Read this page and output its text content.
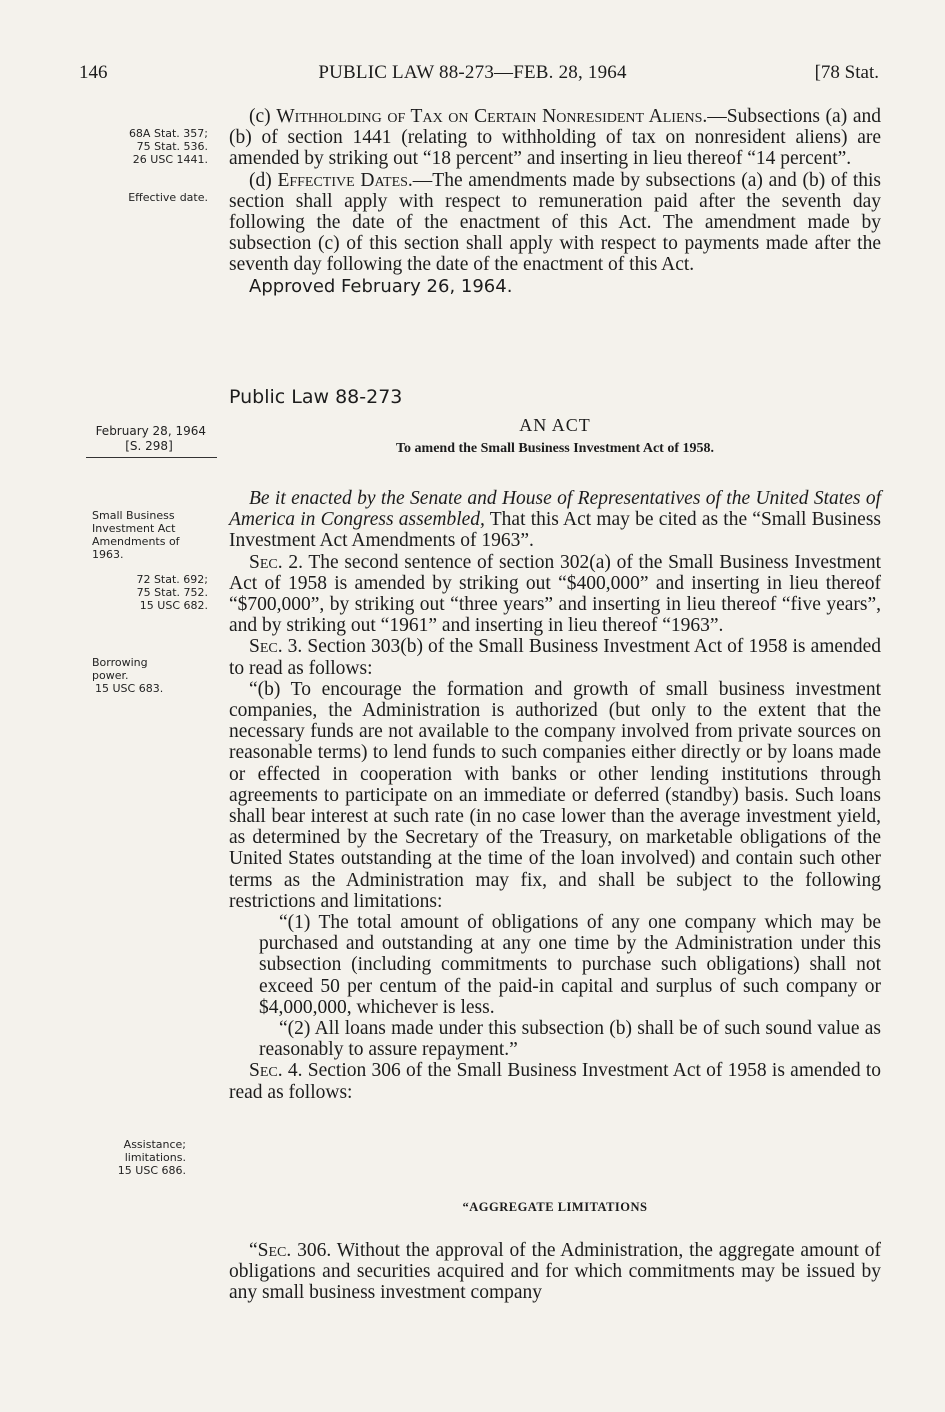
146	PUBLIC LAW 88-273—FEB. 28, 1964	[78 Stat.
68A Stat. 357;
75 Stat. 536.
26 USC 1441.
Effective date.
February 28, 1964
[S. 298]
Small Business
Investment Act
Amendments of
1963.
72 Stat. 692;
75 Stat. 752.
15 USC 682.
Borrowing
power.
15 USC 683.
Assistance;
limitations.
15 USC 686.

(c) Withholding of Tax on Certain Nonresident Aliens.—Subsections (a) and (b) of section 1441 (relating to withholding of tax on nonresident aliens) are amended by striking out “18 percent” and inserting in lieu thereof “14 percent”.

(d) Effective Dates.—The amendments made by subsections (a) and (b) of this section shall apply with respect to remuneration paid after the seventh day following the date of the enactment of this Act. The amendment made by subsection (c) of this section shall apply with respect to payments made after the seventh day following the date of the enactment of this Act.

Approved February 26, 1964.

Public Law 88-273
AN ACT
To amend the Small Business Investment Act of 1958.

Be it enacted by the Senate and House of Representatives of the United States of America in Congress assembled, That this Act may be cited as the “Small Business Investment Act Amendments of 1963”.

Sec. 2. The second sentence of section 302(a) of the Small Business Investment Act of 1958 is amended by striking out “$400,000” and inserting in lieu thereof “$700,000”, by striking out “three years” and inserting in lieu thereof “five years”, and by striking out “1961” and inserting in lieu thereof “1963”.

Sec. 3. Section 303(b) of the Small Business Investment Act of 1958 is amended to read as follows:

“(b) To encourage the formation and growth of small business investment companies, the Administration is authorized (but only to the extent that the necessary funds are not available to the company involved from private sources on reasonable terms) to lend funds to such companies either directly or by loans made or effected in cooperation with banks or other lending institutions through agreements to participate on an immediate or deferred (standby) basis. Such loans shall bear interest at such rate (in no case lower than the average investment yield, as determined by the Secretary of the Treasury, on marketable obligations of the United States outstanding at the time of the loan involved) and contain such other terms as the Administration may fix, and shall be subject to the following restrictions and limitations:

“(1) The total amount of obligations of any one company which may be purchased and outstanding at any one time by the Administration under this subsection (including commitments to purchase such obligations) shall not exceed 50 per centum of the paid-in capital and surplus of such company or $4,000,000, whichever is less.

“(2) All loans made under this subsection (b) shall be of such sound value as reasonably to assure repayment.”

Sec. 4. Section 306 of the Small Business Investment Act of 1958 is amended to read as follows:

“AGGREGATE LIMITATIONS

“Sec. 306. Without the approval of the Administration, the aggregate amount of obligations and securities acquired and for which commitments may be issued by any small business investment company
